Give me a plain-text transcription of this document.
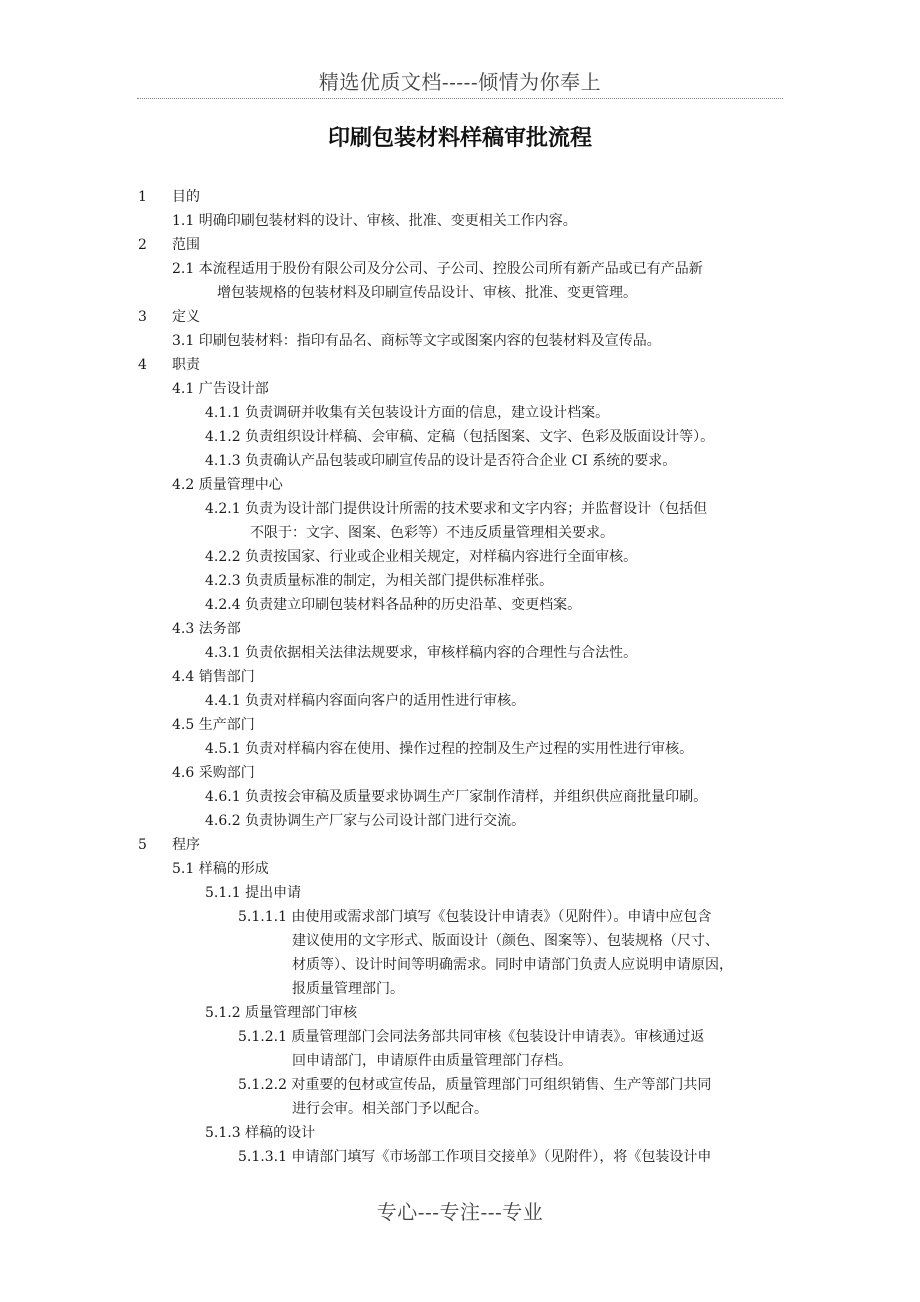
精选优质文档-----倾情为你奉上
印刷包装材料样稿审批流程
1	目的
1.1 明确印刷包装材料的设计、审核、批准、变更相关工作内容。
2	范围
2.1 本流程适用于股份有限公司及分公司、子公司、控股公司所有新产品或已有产品新
增包装规格的包装材料及印刷宣传品设计、审核、批准、变更管理。
3	定义
3.1 印刷包装材料：指印有品名、商标等文字或图案内容的包装材料及宣传品。
4	职责
4.1 广告设计部
4.1.1 负责调研并收集有关包装设计方面的信息，建立设计档案。
4.1.2 负责组织设计样稿、会审稿、定稿（包括图案、文字、色彩及版面设计等）。
4.1.3 负责确认产品包装或印刷宣传品的设计是否符合企业 CI 系统的要求。
4.2 质量管理中心
4.2.1 负责为设计部门提供设计所需的技术要求和文字内容；并监督设计（包括但
不限于：文字、图案、色彩等）不违反质量管理相关要求。
4.2.2 负责按国家、行业或企业相关规定，对样稿内容进行全面审核。
4.2.3 负责质量标准的制定，为相关部门提供标准样张。
4.2.4 负责建立印刷包装材料各品种的历史沿革、变更档案。
4.3 法务部
4.3.1 负责依据相关法律法规要求，审核样稿内容的合理性与合法性。
4.4 销售部门
4.4.1 负责对样稿内容面向客户的适用性进行审核。
4.5 生产部门
4.5.1 负责对样稿内容在使用、操作过程的控制及生产过程的实用性进行审核。
4.6 采购部门
4.6.1 负责按会审稿及质量要求协调生产厂家制作清样，并组织供应商批量印刷。
4.6.2 负责协调生产厂家与公司设计部门进行交流。
5	程序
5.1 样稿的形成
5.1.1 提出申请
5.1.1.1 由使用或需求部门填写《包装设计申请表》（见附件）。申请中应包含
建议使用的文字形式、版面设计（颜色、图案等）、包装规格（尺寸、
材质等）、设计时间等明确需求。同时申请部门负责人应说明申请原因，
报质量管理部门。
5.1.2 质量管理部门审核
5.1.2.1 质量管理部门会同法务部共同审核《包装设计申请表》。审核通过返
回申请部门，申请原件由质量管理部门存档。
5.1.2.2 对重要的包材或宣传品，质量管理部门可组织销售、生产等部门共同
进行会审。相关部门予以配合。
5.1.3 样稿的设计
5.1.3.1 申请部门填写《市场部工作项目交接单》（见附件），将《包装设计申
专心---专注---专业
